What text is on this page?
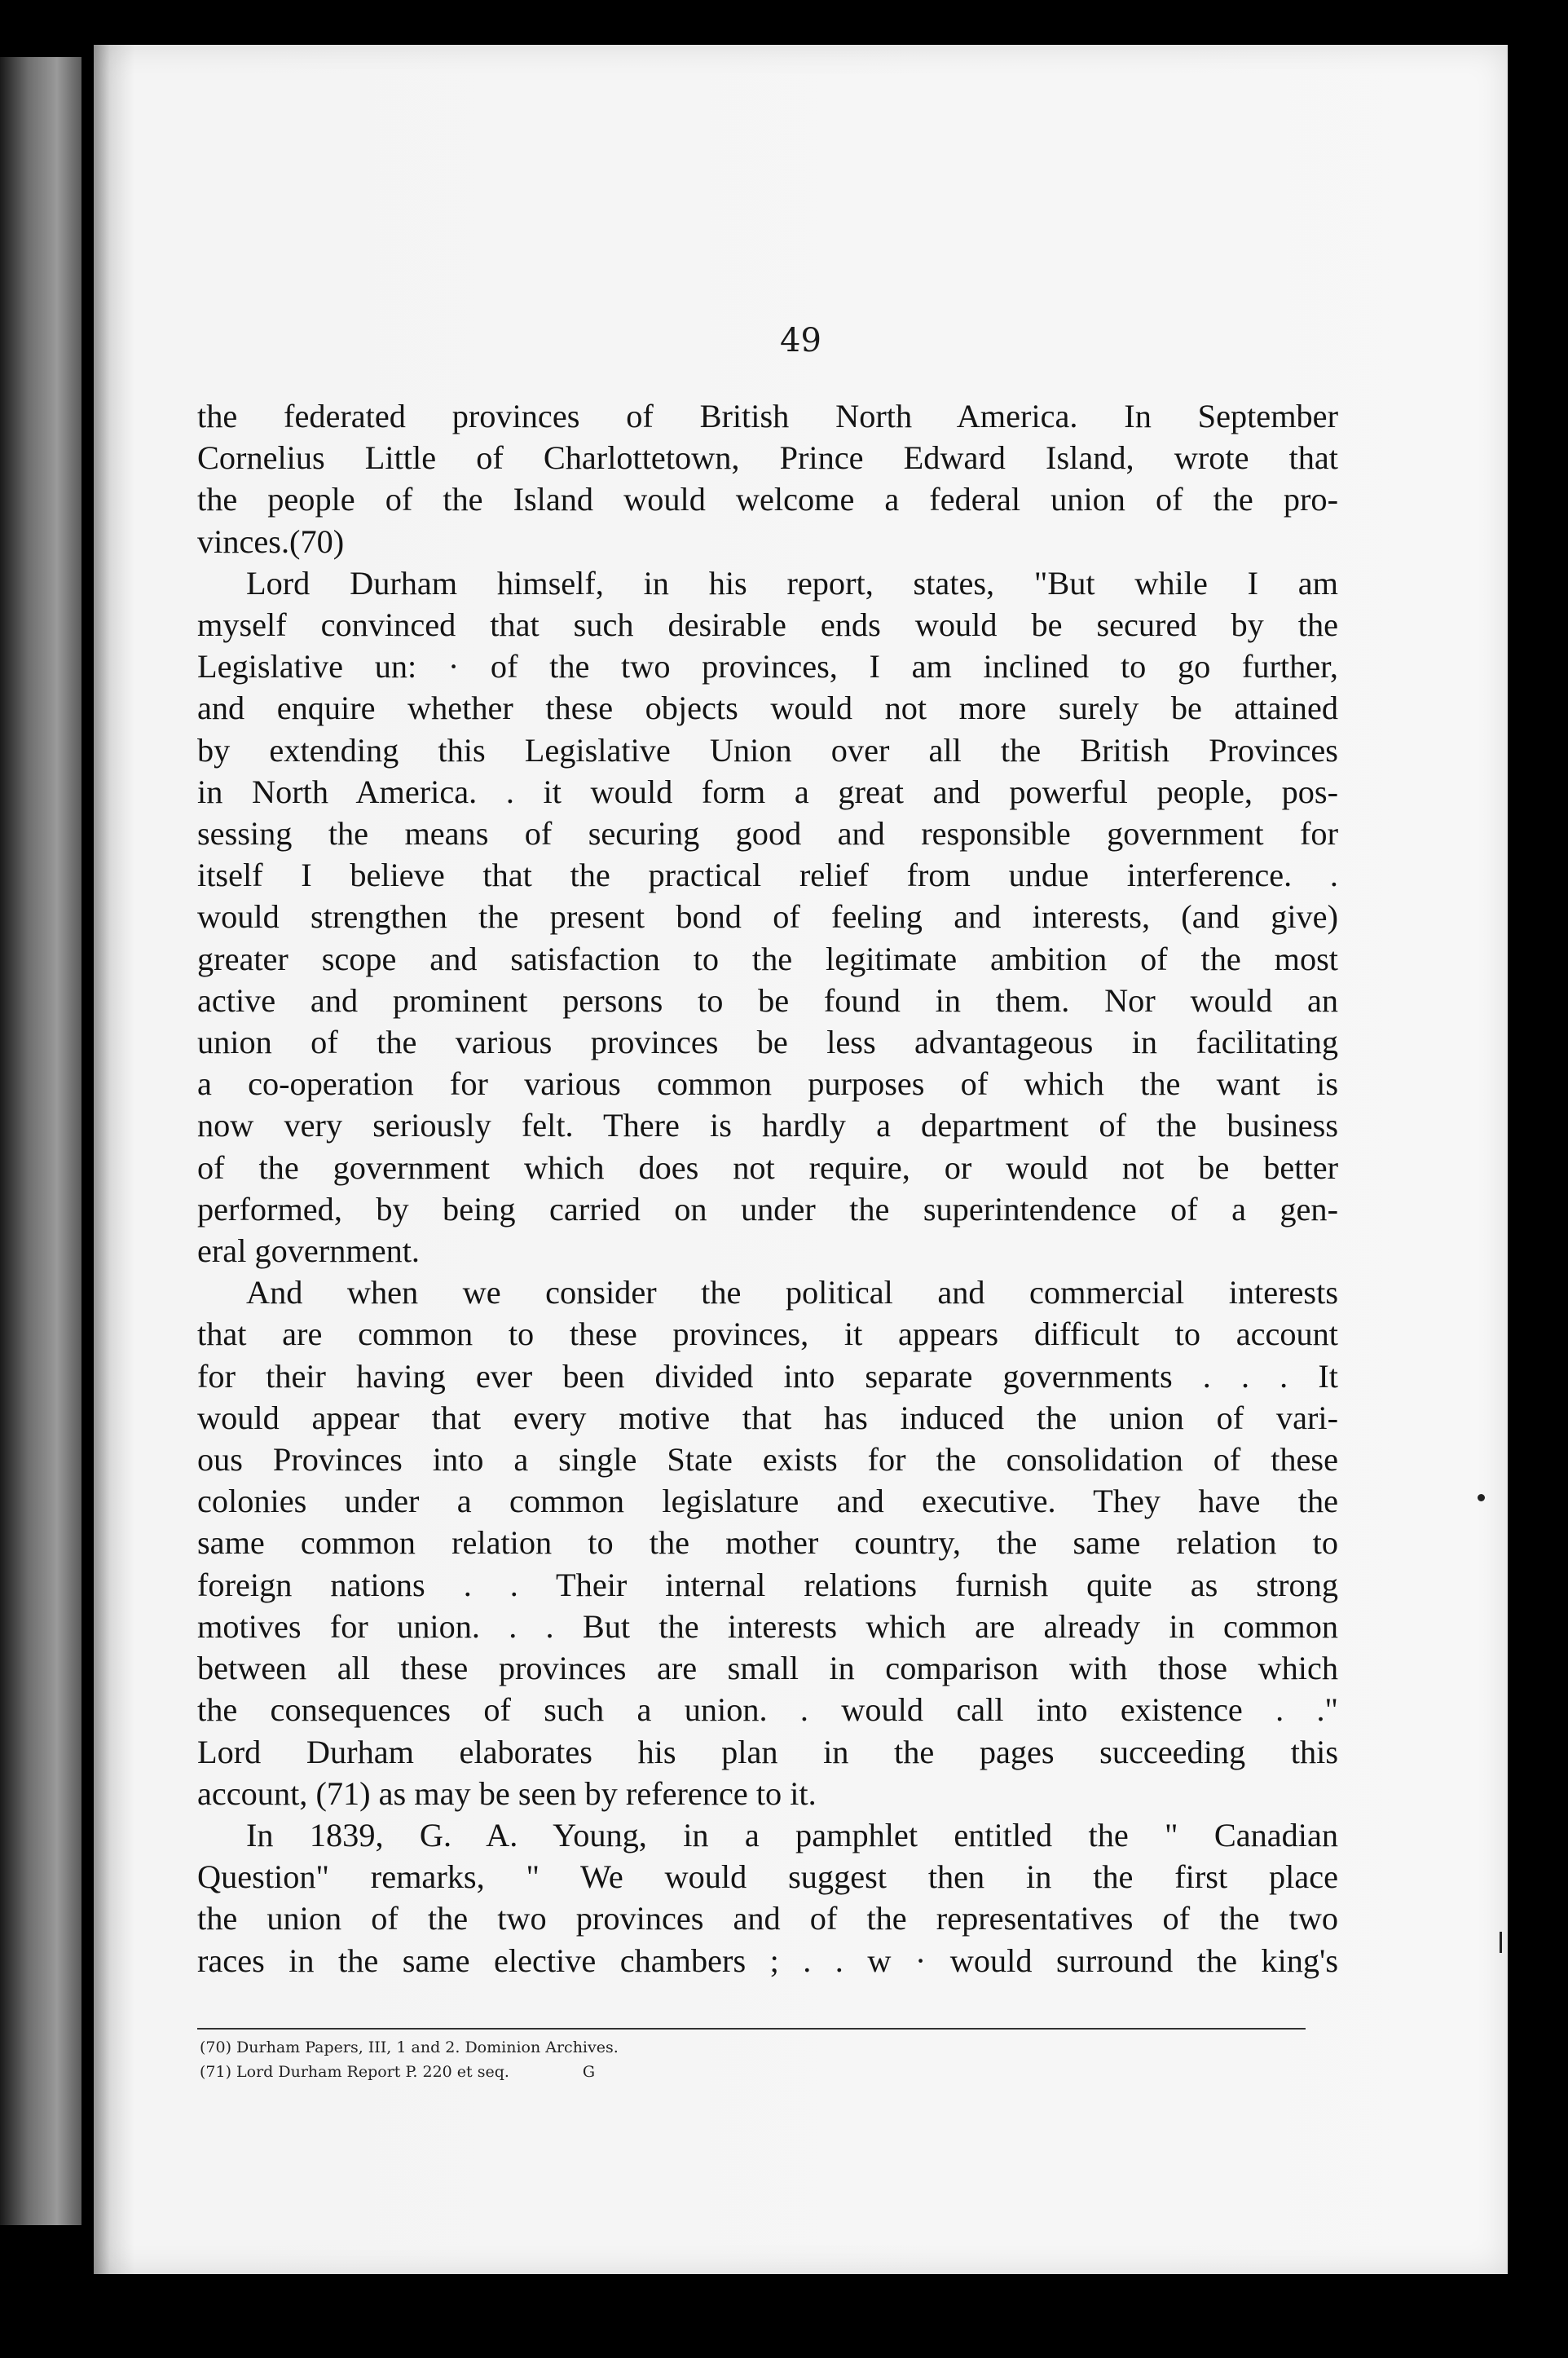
49
the federated provinces of British North America. In September
Cornelius Little of Charlottetown, Prince Edward Island, wrote that
the people of the Island would welcome a federal union of the pro-
vinces.(70)
Lord Durham himself, in his report, states, "But while I am
myself convinced that such desirable ends would be secured by the
Legislative un: · of the two provinces, I am inclined to go further,
and enquire whether these objects would not more surely be attained
by extending this Legislative Union over all the British Provinces
in North America. . it would form a great and powerful people, pos-
sessing the means of securing good and responsible government for
itself I believe that the practical relief from undue interference. .
would strengthen the present bond of feeling and interests, (and give)
greater scope and satisfaction to the legitimate ambition of the most
active and prominent persons to be found in them. Nor would an
union of the various provinces be less advantageous in facilitating
a co-operation for various common purposes of which the want is
now very seriously felt. There is hardly a department of the business
of the government which does not require, or would not be better
performed, by being carried on under the superintendence of a gen-
eral government.
And when we consider the political and commercial interests
that are common to these provinces, it appears difficult to account
for their having ever been divided into separate governments . . . It
would appear that every motive that has induced the union of vari-
ous Provinces into a single State exists for the consolidation of these
colonies under a common legislature and executive. They have the
same common relation to the mother country, the same relation to
foreign nations . . Their internal relations furnish quite as strong
motives for union. . . But the interests which are already in common
between all these provinces are small in comparison with those which
the consequences of such a union. . would call into existence . ."
Lord Durham elaborates his plan in the pages succeeding this
account, (71) as may be seen by reference to it.
In 1839, G. A. Young, in a pamphlet entitled the " Canadian
Question" remarks, " We would suggest then in the first place
the union of the two provinces and of the representatives of the two
races in the same elective chambers ; . . w · would surround the king's
(70) Durham Papers, III, 1 and 2. Dominion Archives.
(71) Lord Durham Report P. 220 et seq.	G
